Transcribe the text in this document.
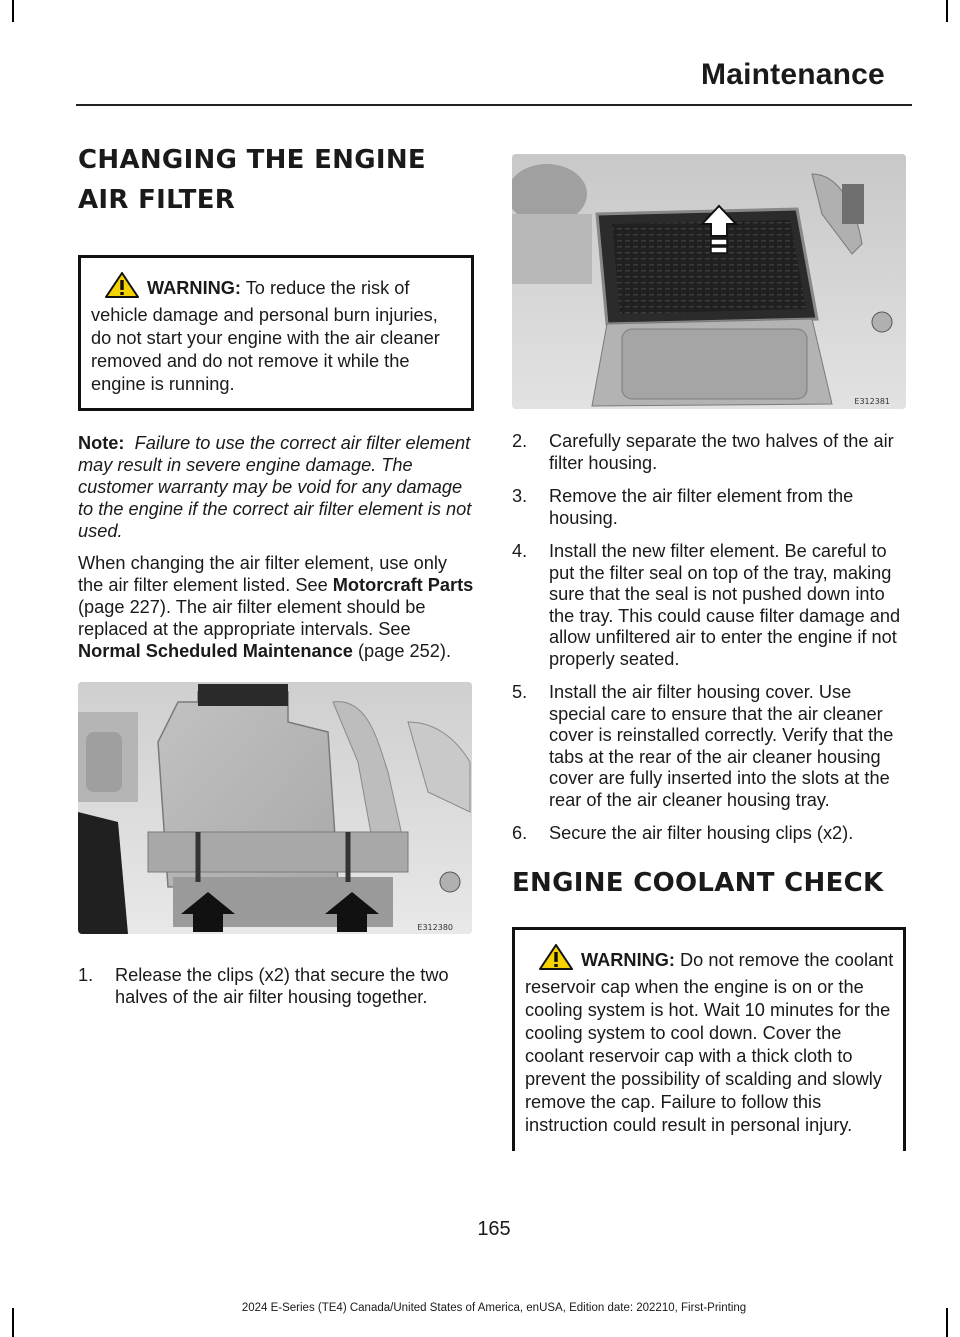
Maintenance
CHANGING THE ENGINE AIR FILTER
WARNING: To reduce the risk of vehicle damage and personal burn injuries, do not start your engine with the air cleaner removed and do not remove it while the engine is running.

Note: Failure to use the correct air filter element may result in severe engine damage. The customer warranty may be void for any damage to the engine if the correct air filter element is not used.

When changing the air filter element, use only the air filter element listed. See Motorcraft Parts (page 227). The air filter element should be replaced at the appropriate intervals. See Normal Scheduled Maintenance (page 252).

E312380
1. Release the clips (x2) that secure the two halves of the air filter housing together.
E312381
2. Carefully separate the two halves of the air filter housing.
3. Remove the air filter element from the housing.
4. Install the new filter element. Be careful to put the filter seal on top of the tray, making sure that the seal is not pushed down into the tray. This could cause filter damage and allow unfiltered air to enter the engine if not properly seated.
5. Install the air filter housing cover. Use special care to ensure that the air cleaner cover is reinstalled correctly. Verify that the tabs at the rear of the air cleaner housing cover are fully inserted into the slots at the rear of the air cleaner housing tray.
6. Secure the air filter housing clips (x2).
ENGINE COOLANT CHECK
WARNING: Do not remove the coolant reservoir cap when the engine is on or the cooling system is hot. Wait 10 minutes for the cooling system to cool down. Cover the coolant reservoir cap with a thick cloth to prevent the possibility of scalding and slowly remove the cap. Failure to follow this instruction could result in personal injury.
165
2024 E-Series (TE4) Canada/United States of America, enUSA, Edition date: 202210, First-Printing
